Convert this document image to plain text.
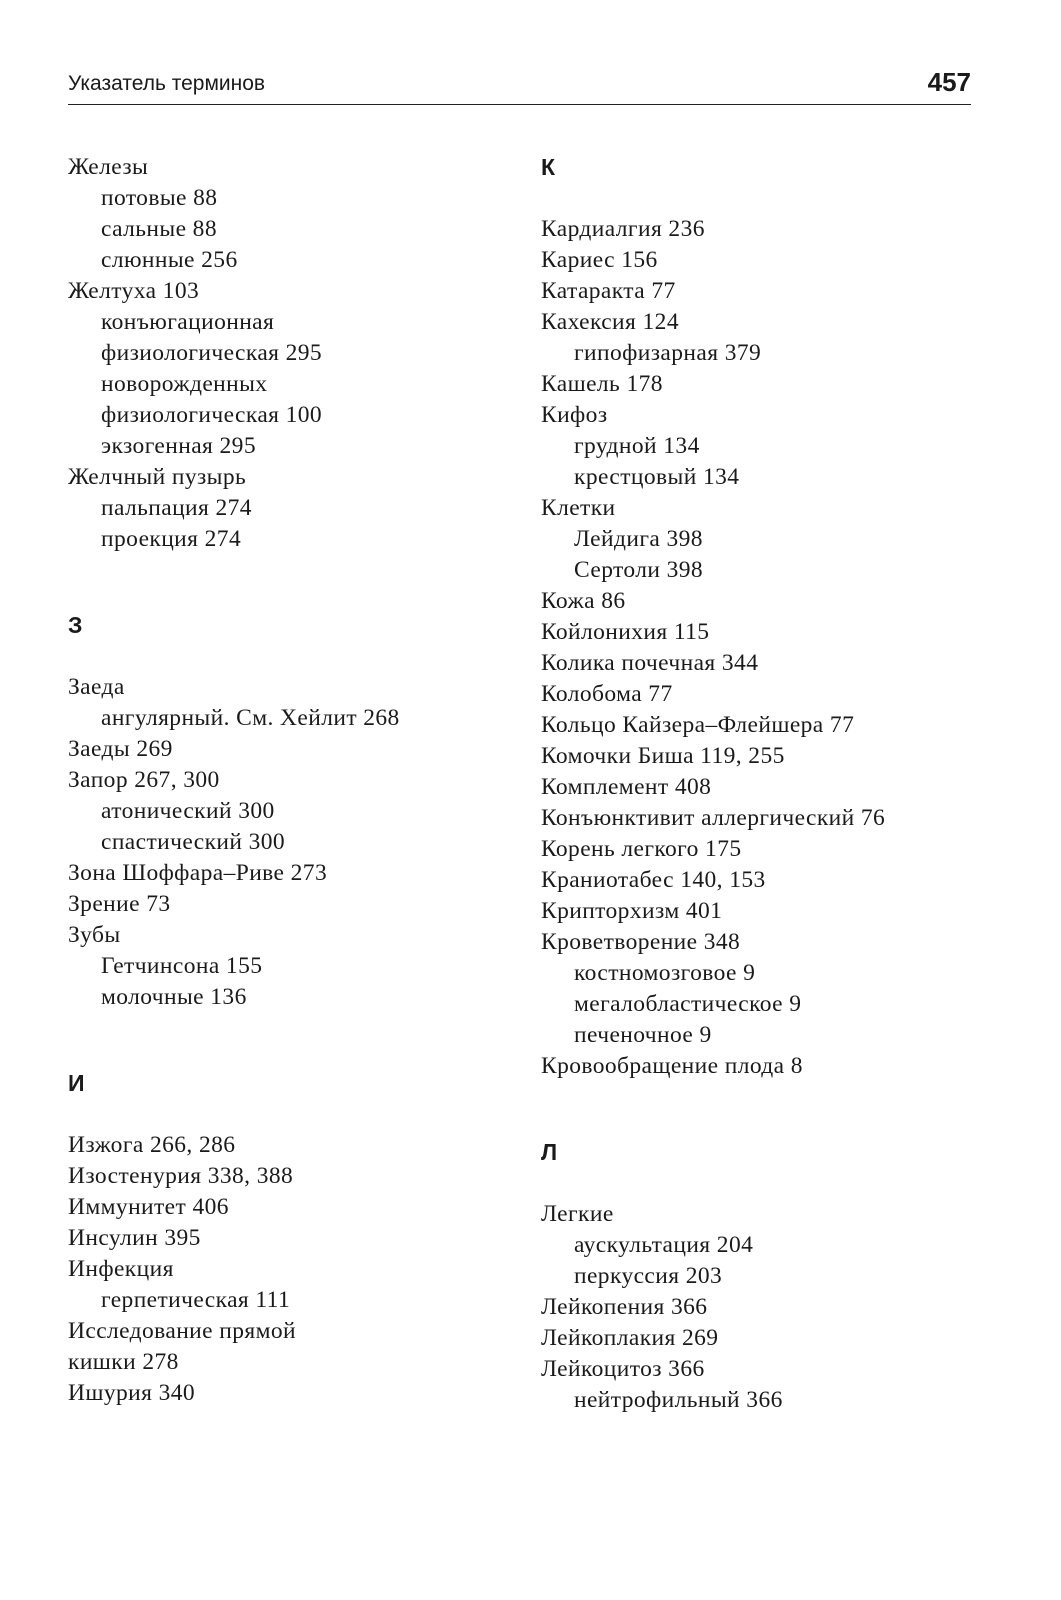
Указатель терминов	457
Железы
потовые 88
сальные 88
слюнные 256
Желтуха 103
конъюгационная
физиологическая 295
новорожденных
физиологическая 100
экзогенная 295
Желчный пузырь
пальпация 274
проекция 274
З
Заеда
ангулярный. См. Хейлит 268
Заеды 269
Запор 267, 300
атонический 300
спастический 300
Зона Шоффара–Риве 273
Зрение 73
Зубы
Гетчинсона 155
молочные 136
И
Изжога 266, 286
Изостенурия 338, 388
Иммунитет 406
Инсулин 395
Инфекция
герпетическая 111
Исследование прямой
кишки 278
Ишурия 340
К
Кардиалгия 236
Кариес 156
Катаракта 77
Кахексия 124
гипофизарная 379
Кашель 178
Кифоз
грудной 134
крестцовый 134
Клетки
Лейдига 398
Сертоли 398
Кожа 86
Койлонихия 115
Колика почечная 344
Колобома 77
Кольцо Кайзера–Флейшера 77
Комочки Биша 119, 255
Комплемент 408
Конъюнктивит аллергический 76
Корень легкого 175
Краниотабес 140, 153
Крипторхизм 401
Кроветворение 348
костномозговое 9
мегалобластическое 9
печеночное 9
Кровообращение плода 8
Л
Легкие
аускультация 204
перкуссия 203
Лейкопения 366
Лейкоплакия 269
Лейкоцитоз 366
нейтрофильный 366
